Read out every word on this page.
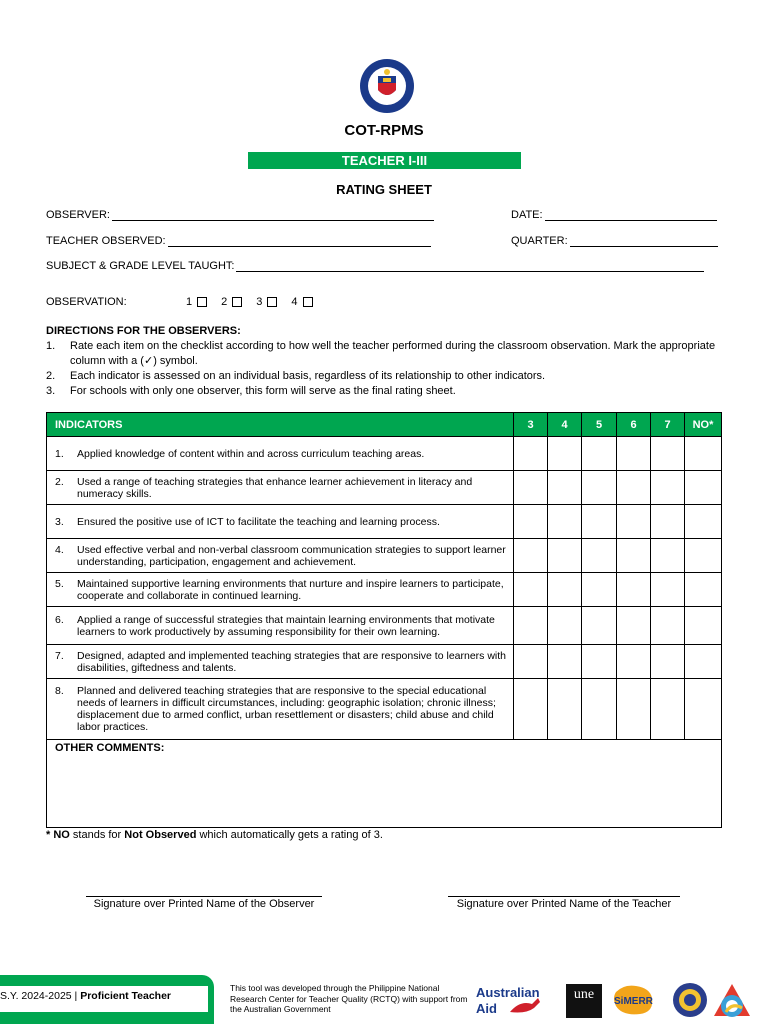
COT-RPMS
TEACHER I-III
RATING SHEET
OBSERVER:	DATE:
TEACHER OBSERVED:	QUARTER:
SUBJECT & GRADE LEVEL TAUGHT:
OBSERVATION:	1	2	3	4
DIRECTIONS FOR THE OBSERVERS:
1.	Rate each item on the checklist according to how well the teacher performed during the classroom observation. Mark the appropriate column with a (✓) symbol.
2.	Each indicator is assessed on an individual basis, regardless of its relationship to other indicators.
3.	For schools with only one observer, this form will serve as the final rating sheet.
INDICATORS	3	4	5	6	7	NO*

1. Applied knowledge of content within and across curriculum teaching areas.						

2. Used a range of teaching strategies that enhance learner achievement in literacy and numeracy skills.						

3. Ensured the positive use of ICT to facilitate the teaching and learning process.						

4. Used effective verbal and non-verbal classroom communication strategies to support learner understanding, participation, engagement and achievement.						

5. Maintained supportive learning environments that nurture and inspire learners to participate, cooperate and collaborate in continued learning.						

6. Applied a range of successful strategies that maintain learning environments that motivate learners to work productively by assuming responsibility for their own learning.						

7. Designed, adapted and implemented teaching strategies that are responsive to learners with disabilities, giftedness and talents.						

8. Planned and delivered teaching strategies that are responsive to the special educational needs of learners in difficult circumstances, including: geographic isolation; chronic illness; displacement due to armed conflict, urban resettlement or disasters; child abuse and child labor practices.						

OTHER COMMENTS:						
* NO stands for Not Observed which automatically gets a rating of 3.
Signature over Printed Name of the Observer	Signature over Printed Name of the Teacher
S.Y. 2024-2025 | Proficient Teacher
This tool was developed through the Philippine National Research Center for Teacher Quality (RCTQ) with support from the Australian Government
Australian
Aid
une	SiMERR
